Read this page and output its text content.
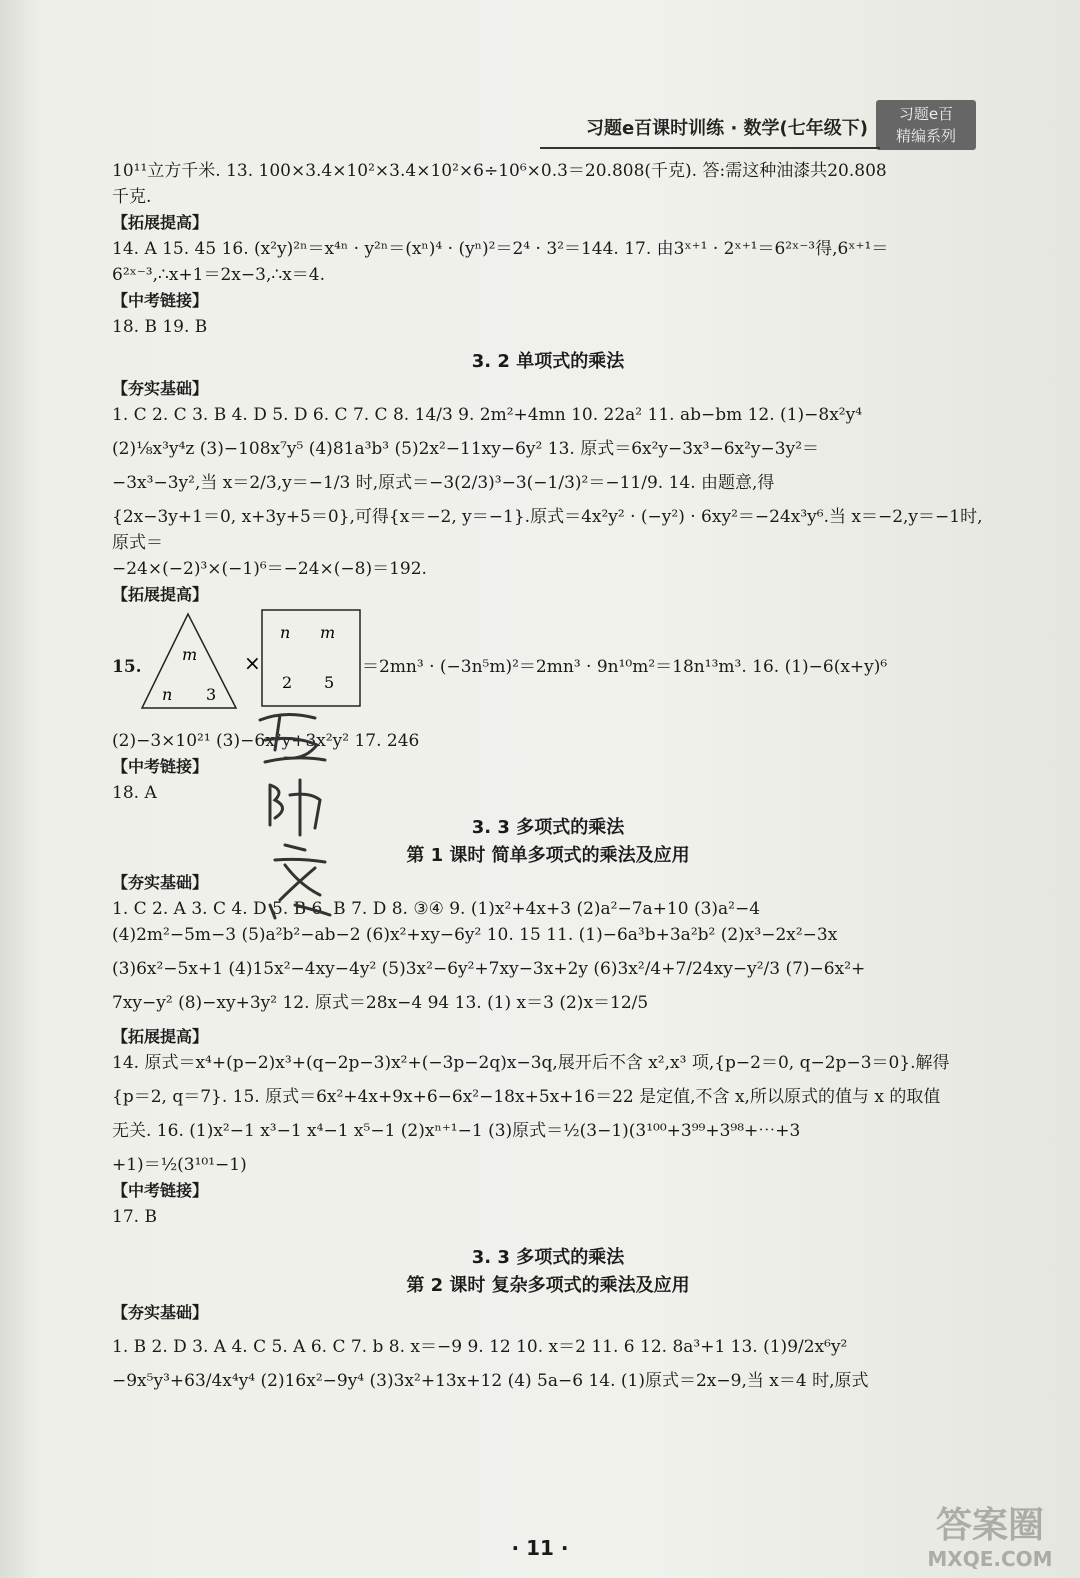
习题e百课时训练 · 数学(七年级下)
习题e百
精编系列

10¹¹立方千米. 13. 100×3.4×10²×3.4×10²×6÷10⁶×0.3＝20.808(千克). 答:需这种油漆共20.808

千克.

【拓展提高】

14. A 15. 45 16. (x²y)²ⁿ＝x⁴ⁿ · y²ⁿ＝(xⁿ)⁴ · (yⁿ)²＝2⁴ · 3²＝144. 17. 由3ˣ⁺¹ · 2ˣ⁺¹＝6²ˣ⁻³得,6ˣ⁺¹＝

6²ˣ⁻³,∴x+1＝2x−3,∴x＝4.

【中考链接】

18. B 19. B

3. 2 单项式的乘法
【夯实基础】

1. C 2. C 3. B 4. D 5. D 6. C 7. C 8. 14/3 9. 2m²+4mn 10. 22a² 11. ab−bm 12. (1)−8x²y⁴

(2)⅛x³y⁴z (3)−108x⁷y⁵ (4)81a³b³ (5)2x²−11xy−6y² 13. 原式＝6x²y−3x³−6x²y−3y²＝

−3x³−3y²,当 x＝2/3,y＝−1/3 时,原式＝−3(2/3)³−3(−1/3)²＝−11/9. 14. 由题意,得

{2x−3y+1＝0, x+3y+5＝0},可得{x＝−2, y＝−1}.原式＝4x²y² · (−y²) · 6xy²＝−24x³y⁶.当 x＝−2,y＝−1时,原式＝

−24×(−2)³×(−1)⁶＝−24×(−8)＝192.

【拓展提高】
15.
m
n 3
×
n m
2 5
＝2mn³ · (−3n⁵m)²＝2mn³ · 9n¹⁰m²＝18n¹³m³. 16. (1)−6(x+y)⁶

(2)−3×10²¹ (3)−6x³y+3x²y² 17. 246

【中考链接】

18. A

3. 3 多项式的乘法
第 1 课时 简单多项式的乘法及应用
【夯实基础】

1. C 2. A 3. C 4. D 5. B 6. B 7. D 8. ③④ 9. (1)x²+4x+3 (2)a²−7a+10 (3)a²−4

(4)2m²−5m−3 (5)a²b²−ab−2 (6)x²+xy−6y² 10. 15 11. (1)−6a³b+3a²b² (2)x³−2x²−3x

(3)6x²−5x+1 (4)15x²−4xy−4y² (5)3x²−6y²+7xy−3x+2y (6)3x²/4+7/24xy−y²/3 (7)−6x²+

7xy−y² (8)−xy+3y² 12. 原式＝28x−4 94 13. (1) x＝3 (2)x＝12/5

【拓展提高】

14. 原式＝x⁴+(p−2)x³+(q−2p−3)x²+(−3p−2q)x−3q,展开后不含 x²,x³ 项,{p−2＝0, q−2p−3＝0}.解得

{p＝2, q＝7}. 15. 原式＝6x²+4x+9x+6−6x²−18x+5x+16＝22 是定值,不含 x,所以原式的值与 x 的取值

无关. 16. (1)x²−1 x³−1 x⁴−1 x⁵−1 (2)xⁿ⁺¹−1 (3)原式＝½(3−1)(3¹⁰⁰+3⁹⁹+3⁹⁸+⋯+3

+1)＝½(3¹⁰¹−1)

【中考链接】

17. B

3. 3 多项式的乘法
第 2 课时 复杂多项式的乘法及应用
【夯实基础】

1. B 2. D 3. A 4. C 5. A 6. C 7. b 8. x＝−9 9. 12 10. x＝2 11. 6 12. 8a³+1 13. (1)9/2x⁶y²

−9x⁵y³+63/4x⁴y⁴ (2)16x²−9y⁴ (3)3x²+13x+12 (4) 5a−6 14. (1)原式＝2x−9,当 x＝4 时,原式

· 11 ·
答案圈
MXQE.COM
